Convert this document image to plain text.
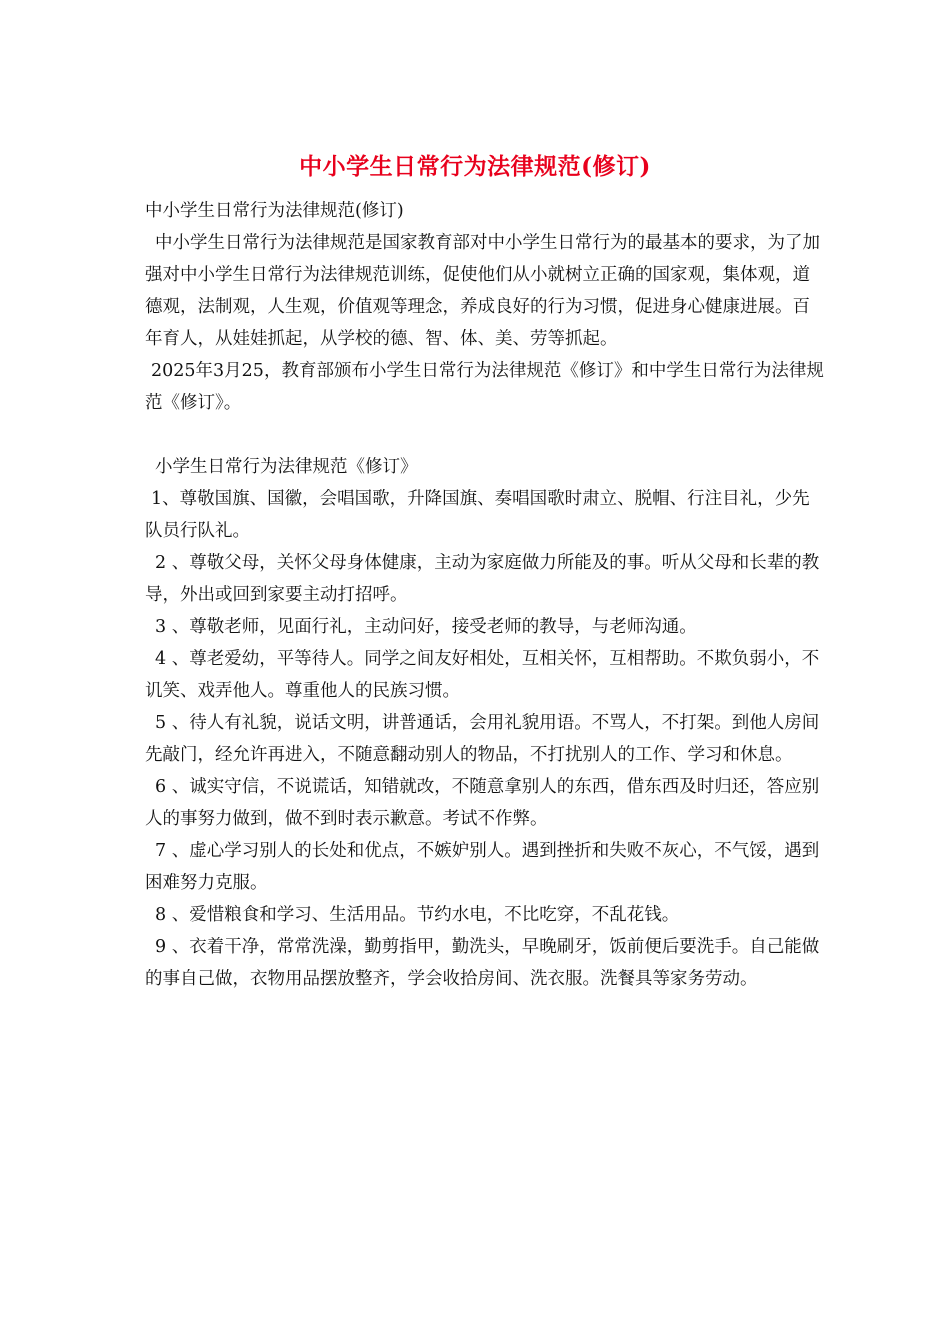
中小学生日常行为法律规范(修订)

中小学生日常行为法律规范(修订)

中小学生日常行为法律规范是国家教育部对中小学生日常行为的最基本的要求，为了加强对中小学生日常行为法律规范训练，促使他们从小就树立正确的国家观，集体观，道德观，法制观，人生观，价值观等理念，养成良好的行为习惯，促进身心健康进展。百年育人，从娃娃抓起，从学校的德、智、体、美、劳等抓起。

2025年3月25，教育部颁布小学生日常行为法律规范《修订》和中学生日常行为法律规范《修订》。

小学生日常行为法律规范《修订》

1、尊敬国旗、国徽，会唱国歌，升降国旗、奏唱国歌时肃立、脱帽、行注目礼，少先队员行队礼。

2 、尊敬父母，关怀父母身体健康，主动为家庭做力所能及的事。听从父母和长辈的教导，外出或回到家要主动打招呼。

3 、尊敬老师，见面行礼，主动问好，接受老师的教导，与老师沟通。

4 、尊老爱幼，平等待人。同学之间友好相处，互相关怀，互相帮助。不欺负弱小，不讥笑、戏弄他人。尊重他人的民族习惯。

5 、待人有礼貌，说话文明，讲普通话，会用礼貌用语。不骂人，不打架。到他人房间先敲门，经允许再进入，不随意翻动别人的物品，不打扰别人的工作、学习和休息。

6 、诚实守信，不说谎话，知错就改，不随意拿别人的东西，借东西及时归还，答应别人的事努力做到，做不到时表示歉意。考试不作弊。

7 、虚心学习别人的长处和优点，不嫉妒别人。遇到挫折和失败不灰心，不气馁，遇到困难努力克服。

8 、爱惜粮食和学习、生活用品。节约水电，不比吃穿，不乱花钱。

9 、衣着干净，常常洗澡，勤剪指甲，勤洗头，早晚刷牙，饭前便后要洗手。自己能做的事自己做，衣物用品摆放整齐，学会收拾房间、洗衣服。洗餐具等家务劳动。
